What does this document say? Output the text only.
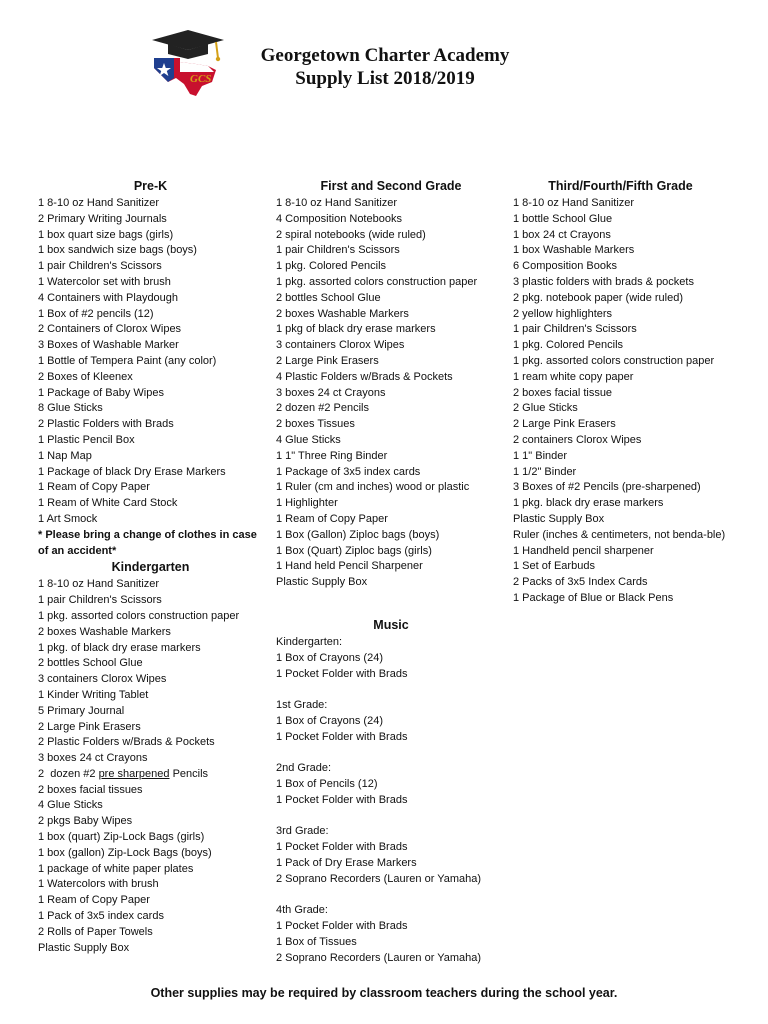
GCS
Georgetown Charter Academy
Supply List 2018/2019
Pre-K
1 8-10 oz Hand Sanitizer
2 Primary Writing Journals
1 box quart size bags (girls)
1 box sandwich size bags (boys)
1 pair Children's Scissors
1 Watercolor set with brush
4 Containers with Playdough
1 Box of #2 pencils (12)
2 Containers of Clorox Wipes
3 Boxes of Washable Marker
1 Bottle of Tempera Paint (any color)
2 Boxes of Kleenex
1 Package of Baby Wipes
8 Glue Sticks
2 Plastic Folders with Brads
1 Plastic Pencil Box
1 Nap Map
1 Package of black Dry Erase Markers
1 Ream of Copy Paper
1 Ream of White Card Stock
1 Art Smock
* Please bring a change of clothes in case of an accident*
Kindergarten
1 8-10 oz Hand Sanitizer
1 pair Children's Scissors
1 pkg. assorted colors construction paper
2 boxes Washable Markers
1 pkg. of black dry erase markers
2 bottles School Glue
3 containers Clorox Wipes
1 Kinder Writing Tablet
5 Primary Journal
2 Large Pink Erasers
2 Plastic Folders w/Brads & Pockets
3 boxes 24 ct Crayons
2  dozen #2 pre sharpened Pencils
2 boxes facial tissues
4 Glue Sticks
2 pkgs Baby Wipes
1 box (quart) Zip-Lock Bags (girls)
1 box (gallon) Zip-Lock Bags (boys)
1 package of white paper plates
1 Watercolors with brush
1 Ream of Copy Paper
1 Pack of 3x5 index cards
2 Rolls of Paper Towels
Plastic Supply Box
First and Second Grade
1 8-10 oz Hand Sanitizer
4 Composition Notebooks
2 spiral notebooks (wide ruled)
1 pair Children's Scissors
1 pkg. Colored Pencils
1 pkg. assorted colors construction paper
2 bottles School Glue
2 boxes Washable Markers
1 pkg of black dry erase markers
3 containers Clorox Wipes
2 Large Pink Erasers
4 Plastic Folders w/Brads & Pockets
3 boxes 24 ct Crayons
2 dozen #2 Pencils
2 boxes Tissues
4 Glue Sticks
1 1" Three Ring Binder
1 Package of 3x5 index cards
1 Ruler (cm and inches) wood or plastic
1 Highlighter
1 Ream of Copy Paper
1 Box (Gallon) Ziploc bags (boys)
1 Box (Quart) Ziploc bags (girls)
1 Hand held Pencil Sharpener
Plastic Supply Box
Music
Kindergarten:
1 Box of Crayons (24)
1 Pocket Folder with Brads
1st Grade:
1 Box of Crayons (24)
1 Pocket Folder with Brads
2nd Grade:
1 Box of Pencils (12)
1 Pocket Folder with Brads
3rd Grade:
1 Pocket Folder with Brads
1 Pack of Dry Erase Markers
2 Soprano Recorders (Lauren or Yamaha)
4th Grade:
1 Pocket Folder with Brads
1 Box of Tissues
2 Soprano Recorders (Lauren or Yamaha)
Third/Fourth/Fifth Grade
1 8-10 oz Hand Sanitizer
1 bottle School Glue
1 box 24 ct Crayons
1 box Washable Markers
6 Composition Books
3 plastic folders with brads & pockets
2 pkg. notebook paper (wide ruled)
2 yellow highlighters
1 pair Children's Scissors
1 pkg. Colored Pencils
1 pkg. assorted colors construction paper
1 ream white copy paper
2 boxes facial tissue
2 Glue Sticks
2 Large Pink Erasers
2 containers Clorox Wipes
1 1" Binder
1 1/2" Binder
3 Boxes of #2 Pencils (pre-sharpened)
1 pkg. black dry erase markers
Plastic Supply Box
Ruler (inches & centimeters, not benda-ble)
1 Handheld pencil sharpener
1 Set of Earbuds
2 Packs of 3x5 Index Cards
1 Package of Blue or Black Pens
Other supplies may be required by classroom teachers during the school year.
